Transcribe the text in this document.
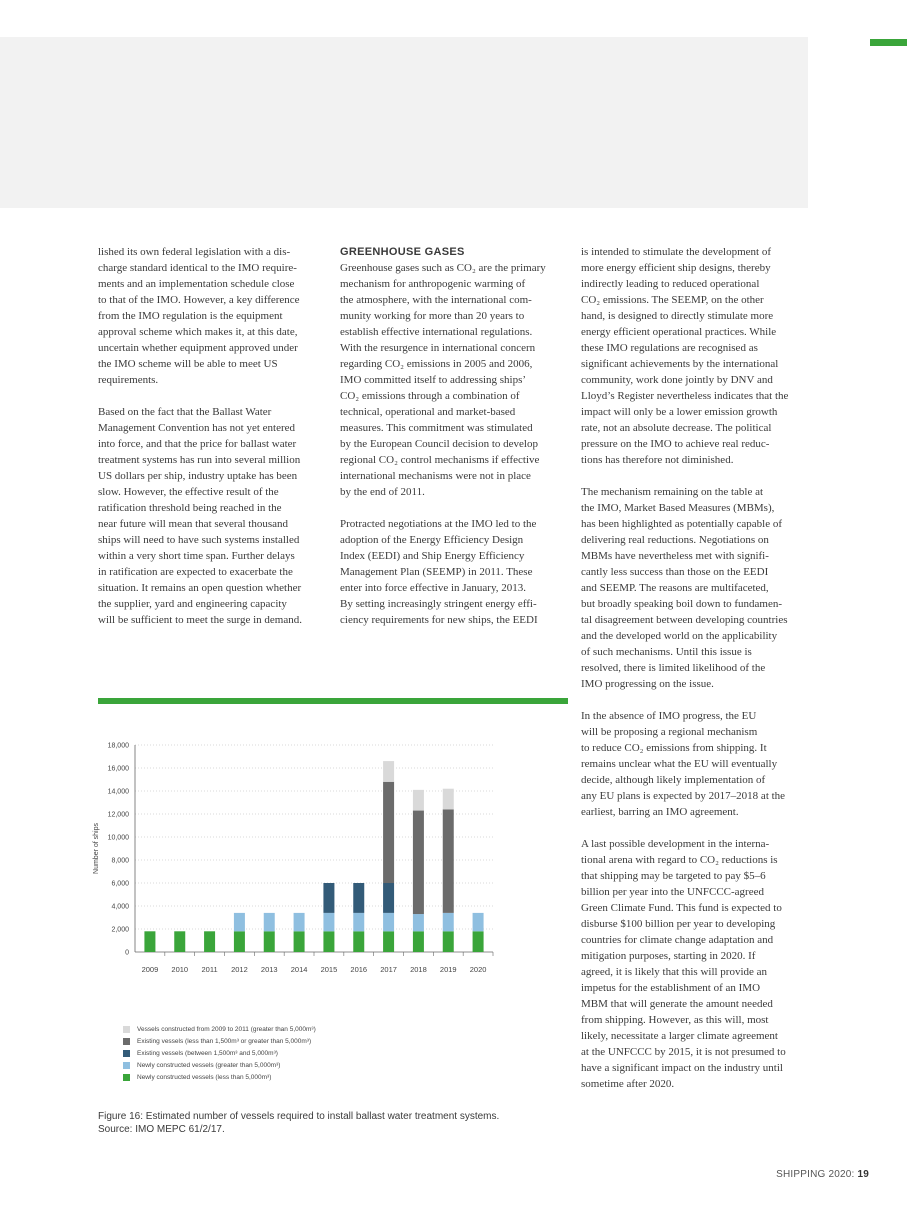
lished its own federal legislation with a dis-
charge standard identical to the IMO require-
ments and an implementation schedule close
to that of the IMO. However, a key difference
from the IMO regulation is the equipment
approval scheme which makes it, at this date,
uncertain whether equipment approved under
the IMO scheme will be able to meet US
requirements.

Based on the fact that the Ballast Water
Management Convention has not yet entered
into force, and that the price for ballast water
treatment systems has run into several million
US dollars per ship, industry uptake has been
slow. However, the effective result of the
ratification threshold being reached in the
near future will mean that several thousand
ships will need to have such systems installed
within a very short time span. Further delays
in ratification are expected to exacerbate the
situation. It remains an open question whether
the supplier, yard and engineering capacity
will be sufficient to meet the surge in demand.

GREENHOUSE GASES

Greenhouse gases such as CO₂ are the primary
mechanism for anthropogenic warming of
the atmosphere, with the international com-
munity working for more than 20 years to
establish effective international regulations.
With the resurgence in international concern
regarding CO₂ emissions in 2005 and 2006,
IMO committed itself to addressing ships’
CO₂ emissions through a combination of
technical, operational and market-based
measures. This commitment was stimulated
by the European Council decision to develop
regional CO₂ control mechanisms if effective
international mechanisms were not in place
by the end of 2011.

Protracted negotiations at the IMO led to the
adoption of the Energy Efficiency Design
Index (EEDI) and Ship Energy Efficiency
Management Plan (SEEMP) in 2011. These
enter into force effective in January, 2013.
By setting increasingly stringent energy effi-
ciency requirements for new ships, the EEDI

is intended to stimulate the development of
more energy efficient ship designs, thereby
indirectly leading to reduced operational
CO₂ emissions. The SEEMP, on the other
hand, is designed to directly stimulate more
energy efficient operational practices. While
these IMO regulations are recognised as
significant achievements by the international
community, work done jointly by DNV and
Lloyd’s Register nevertheless indicates that the
impact will only be a lower emission growth
rate, not an absolute decrease. The political
pressure on the IMO to achieve real reduc-
tions has therefore not diminished.

The mechanism remaining on the table at
the IMO, Market Based Measures (MBMs),
has been highlighted as potentially capable of
delivering real reductions. Negotiations on
MBMs have nevertheless met with signifi-
cantly less success than those on the EEDI
and SEEMP. The reasons are multifaceted,
but broadly speaking boil down to fundamen-
tal disagreement between developing countries
and the developed world on the applicability
of such mechanisms. Until this issue is
resolved, there is limited likelihood of the
IMO progressing on the issue.

In the absence of IMO progress, the EU
will be proposing a regional mechanism
to reduce CO₂ emissions from shipping. It
remains unclear what the EU will eventually
decide, although likely implementation of
any EU plans is expected by 2017–2018 at the
earliest, barring an IMO agreement.

A last possible development in the interna-
tional arena with regard to CO₂ reductions is
that shipping may be targeted to pay $5–6
billion per year into the UNFCCC-agreed
Green Climate Fund. This fund is expected to
disburse $100 billion per year to developing
countries for climate change adaptation and
mitigation purposes, starting in 2020. If
agreed, it is likely that this will provide an
impetus for the establishment of an IMO
MBM that will generate the amount needed
from shipping. However, as this will, most
likely, necessitate a larger climate agreement
at the UNFCCC by 2015, it is not presumed to
have a significant impact on the industry until
sometime after 2020.

0
2,000
4,000
6,000
8,000
10,000
12,000
14,000
16,000
18,000
Number of ships
2009 2010 2011 2012 2013 2014 2015 2016 2017 2018 2019 2020
Vessels constructed from 2009 to 2011 (greater than 5,000m³)
Existing vessels (less than 1,500m³ or greater than 5,000m³)
Existing vessels (between 1,500m³ and 5,000m³)
Newly constructed vessels (greater than 5,000m³)
Newly constructed vessels (less than 5,000m³)
Figure 16: Estimated number of vessels required to install ballast water treatment systems.
Source: IMO MEPC 61/2/17.
SHIPPING 2020: 19
